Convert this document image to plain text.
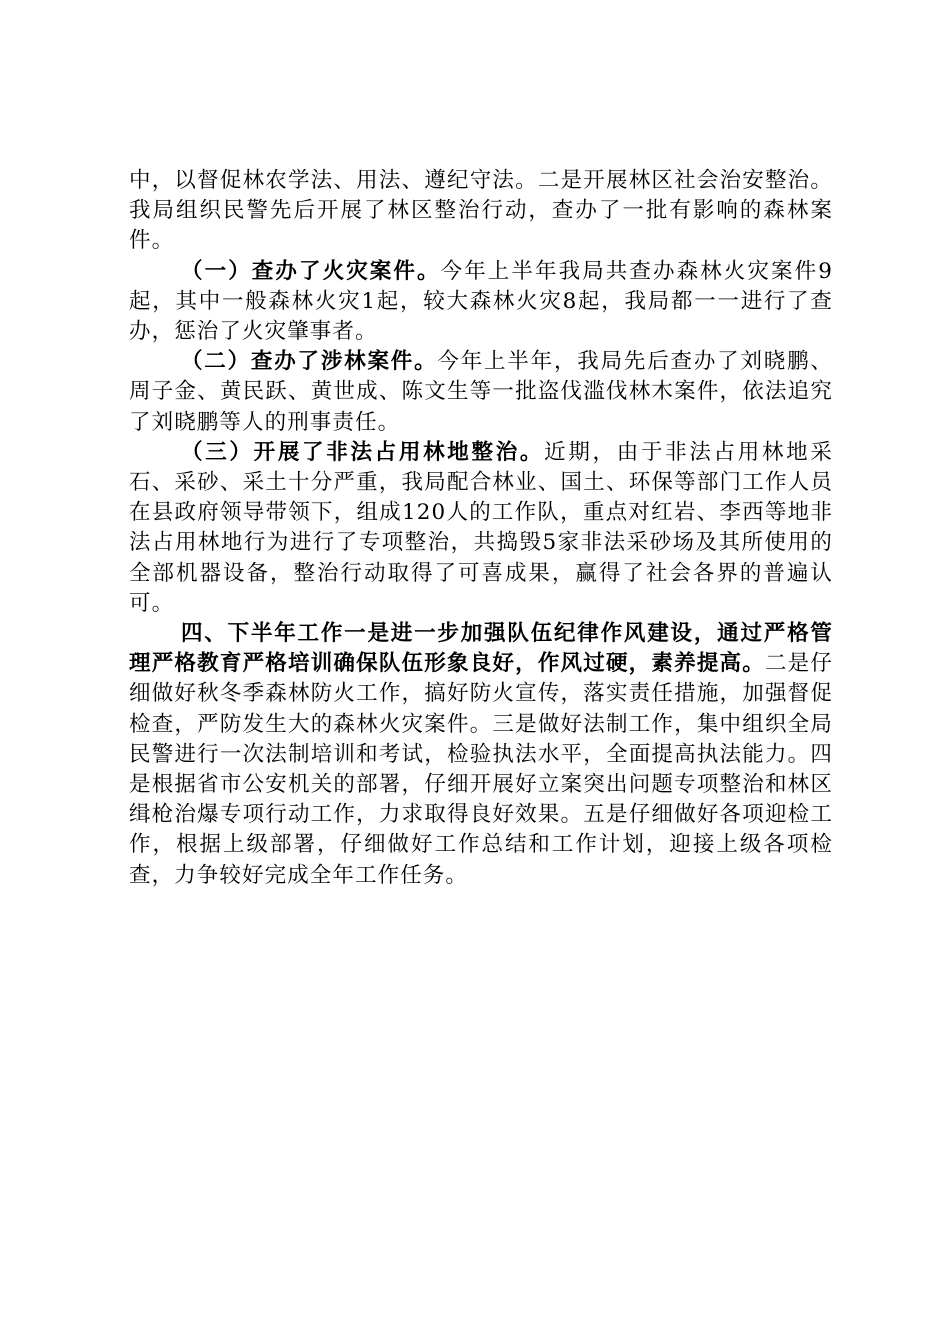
中，以督促林农学法、用法、遵纪守法。二是开展林区社会治安整治。我局组织民警先后开展了林区整治行动，查办了一批有影响的森林案件。

（一）查办了火灾案件。今年上半年我局共查办森林火灾案件9起，其中一般森林火灾1起，较大森林火灾8起，我局都一一进行了查办，惩治了火灾肇事者。

（二）查办了涉林案件。今年上半年，我局先后查办了刘晓鹏、周子金、黄民跃、黄世成、陈文生等一批盗伐滥伐林木案件，依法追究了刘晓鹏等人的刑事责任。

（三）开展了非法占用林地整治。近期，由于非法占用林地采石、采砂、采土十分严重，我局配合林业、国土、环保等部门工作人员在县政府领导带领下，组成120人的工作队，重点对红岩、李西等地非法占用林地行为进行了专项整治，共捣毁5家非法采砂场及其所使用的全部机器设备，整治行动取得了可喜成果，赢得了社会各界的普遍认可。

四、下半年工作一是进一步加强队伍纪律作风建设，通过严格管理严格教育严格培训确保队伍形象良好，作风过硬，素养提高。二是仔细做好秋冬季森林防火工作，搞好防火宣传，落实责任措施，加强督促检查，严防发生大的森林火灾案件。三是做好法制工作，集中组织全局民警进行一次法制培训和考试，检验执法水平，全面提高执法能力。四是根据省市公安机关的部署，仔细开展好立案突出问题专项整治和林区缉枪治爆专项行动工作，力求取得良好效果。五是仔细做好各项迎检工作，根据上级部署，仔细做好工作总结和工作计划，迎接上级各项检查，力争较好完成全年工作任务。
